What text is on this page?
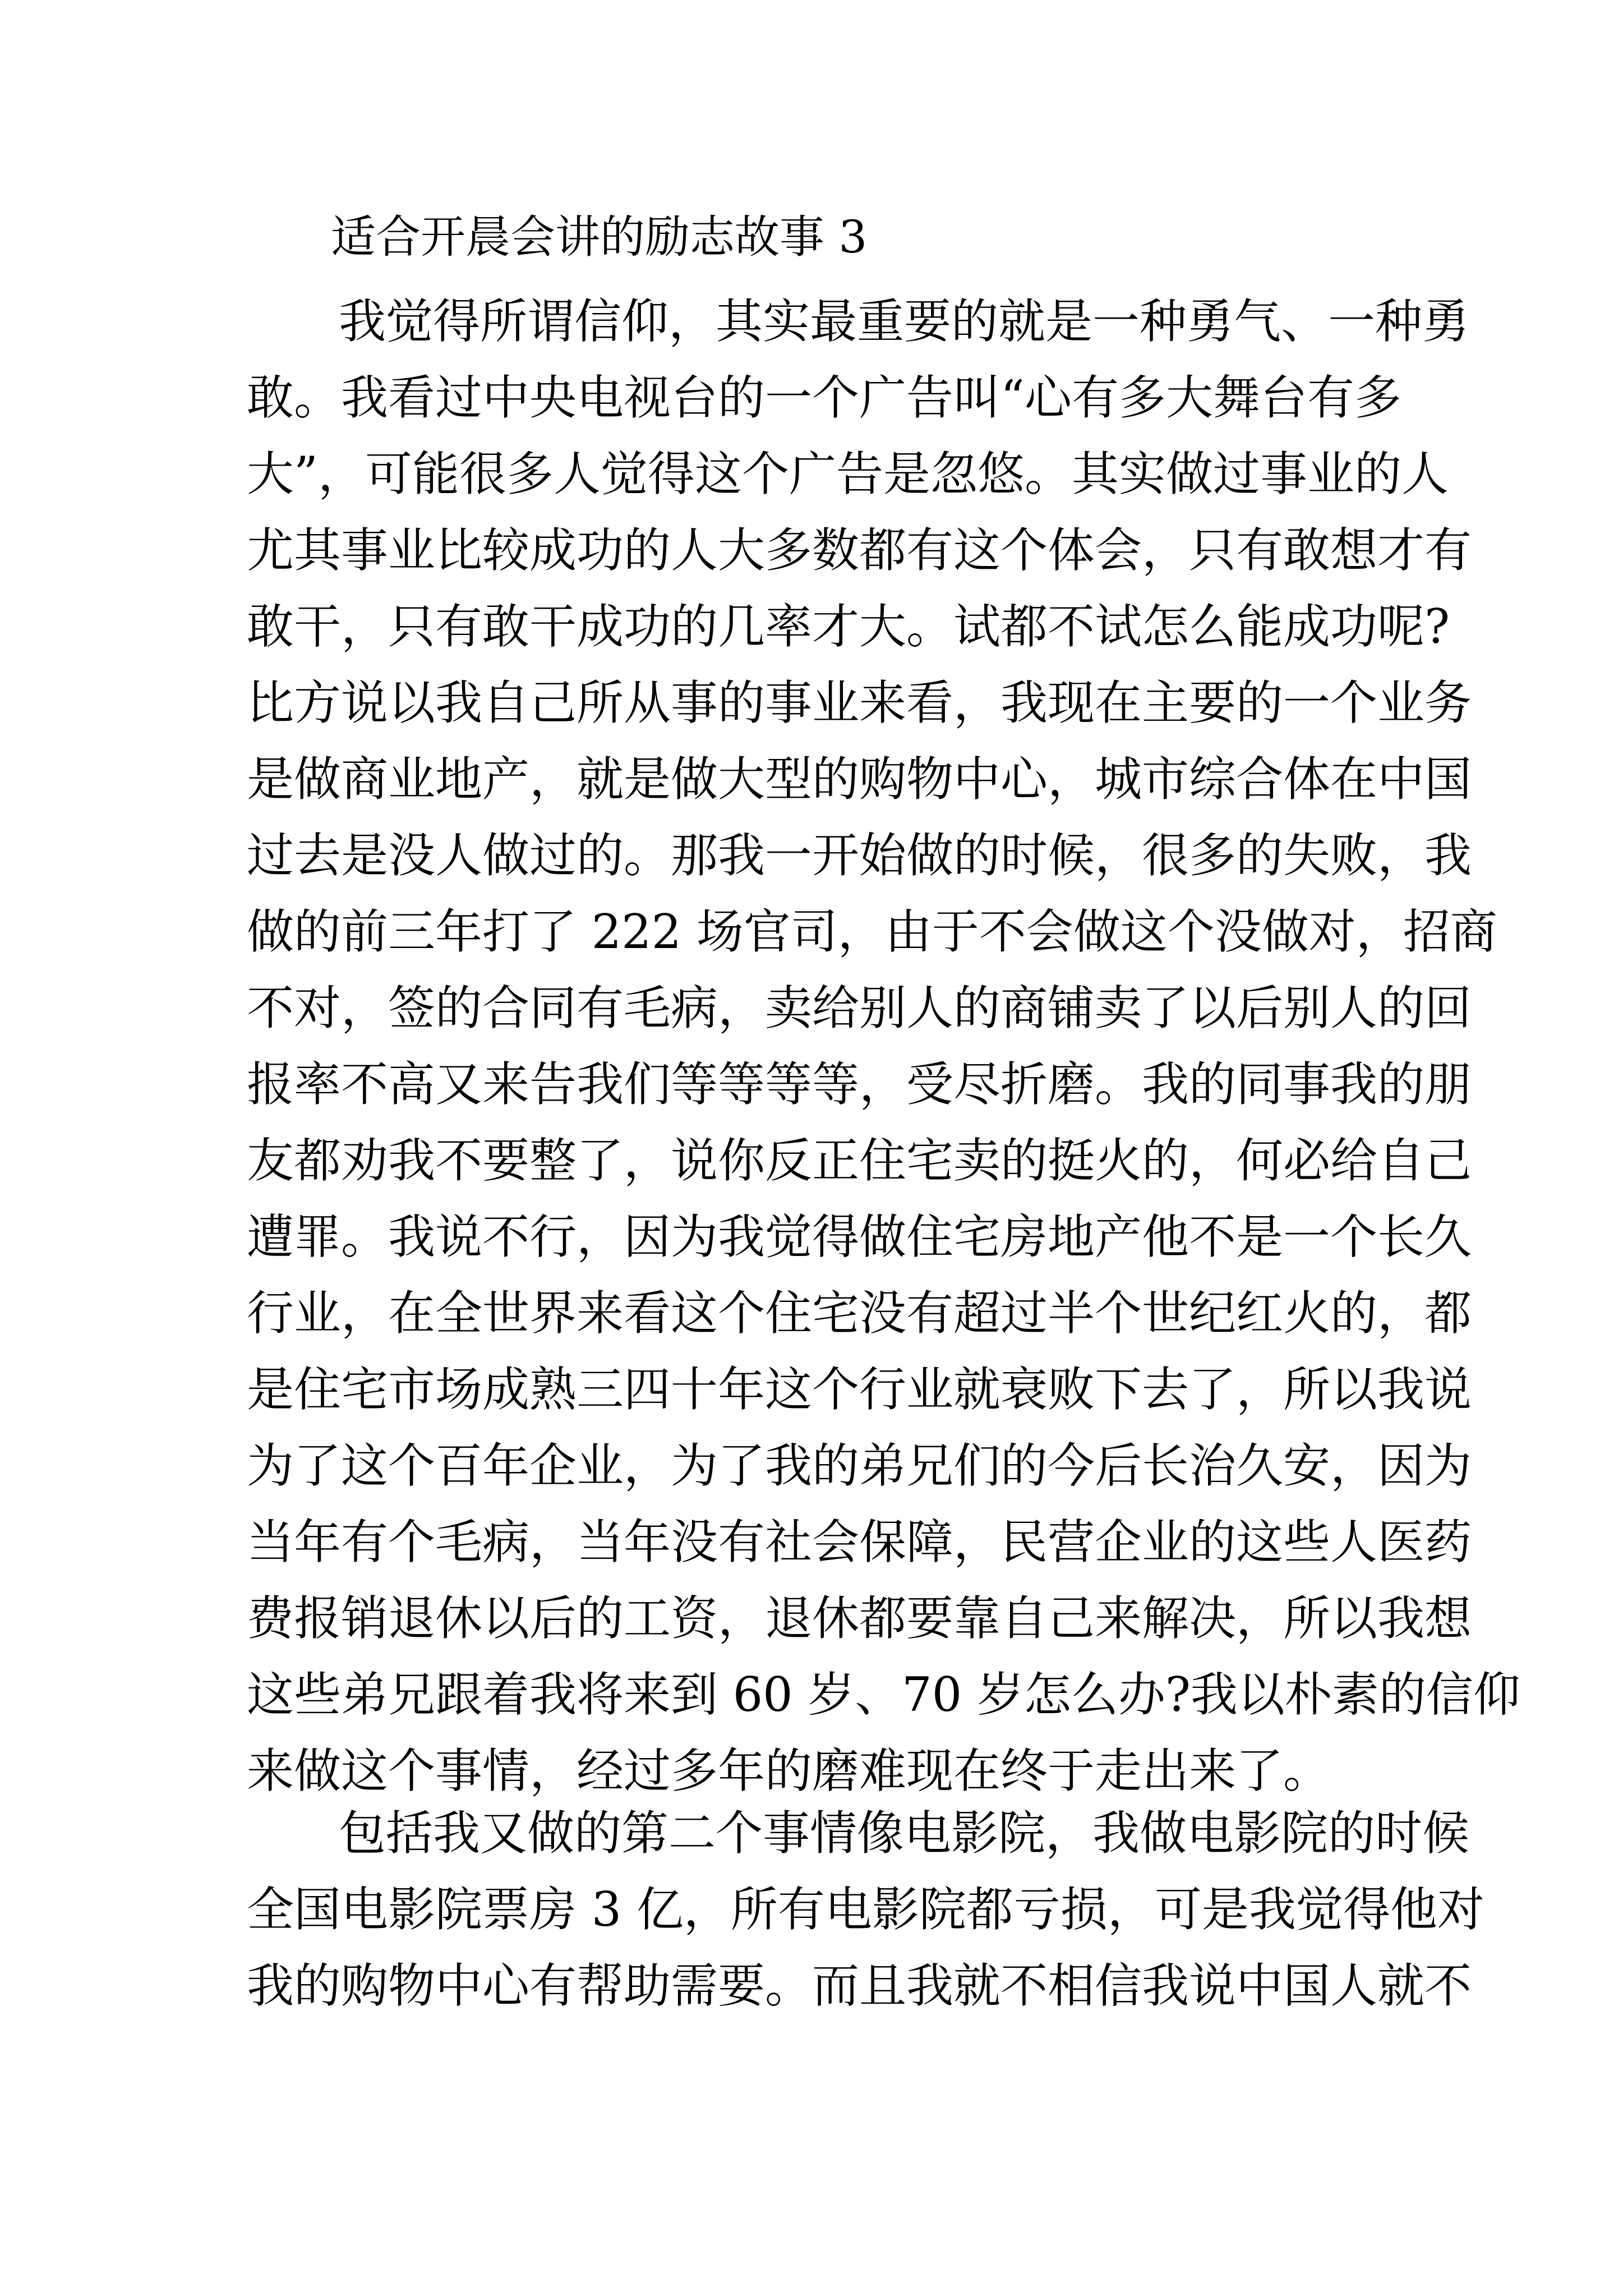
适合开晨会讲的励志故事 3
我觉得所谓信仰，其实最重要的就是一种勇气、一种勇
敢。我看过中央电视台的一个广告叫“心有多大舞台有多
大”，可能很多人觉得这个广告是忽悠。其实做过事业的人
尤其事业比较成功的人大多数都有这个体会，只有敢想才有
敢干，只有敢干成功的几率才大。试都不试怎么能成功呢?
比方说以我自己所从事的事业来看，我现在主要的一个业务
是做商业地产，就是做大型的购物中心，城市综合体在中国
过去是没人做过的。那我一开始做的时候，很多的失败，我
做的前三年打了 222 场官司，由于不会做这个没做对，招商
不对，签的合同有毛病，卖给别人的商铺卖了以后别人的回
报率不高又来告我们等等等等，受尽折磨。我的同事我的朋
友都劝我不要整了，说你反正住宅卖的挺火的，何必给自己
遭罪。我说不行，因为我觉得做住宅房地产他不是一个长久
行业，在全世界来看这个住宅没有超过半个世纪红火的，都
是住宅市场成熟三四十年这个行业就衰败下去了，所以我说
为了这个百年企业，为了我的弟兄们的今后长治久安，因为
当年有个毛病，当年没有社会保障，民营企业的这些人医药
费报销退休以后的工资，退休都要靠自己来解决，所以我想
这些弟兄跟着我将来到 60 岁、70 岁怎么办?我以朴素的信仰
来做这个事情，经过多年的磨难现在终于走出来了。
包括我又做的第二个事情像电影院，我做电影院的时候
全国电影院票房 3 亿，所有电影院都亏损，可是我觉得他对
我的购物中心有帮助需要。而且我就不相信我说中国人就不
